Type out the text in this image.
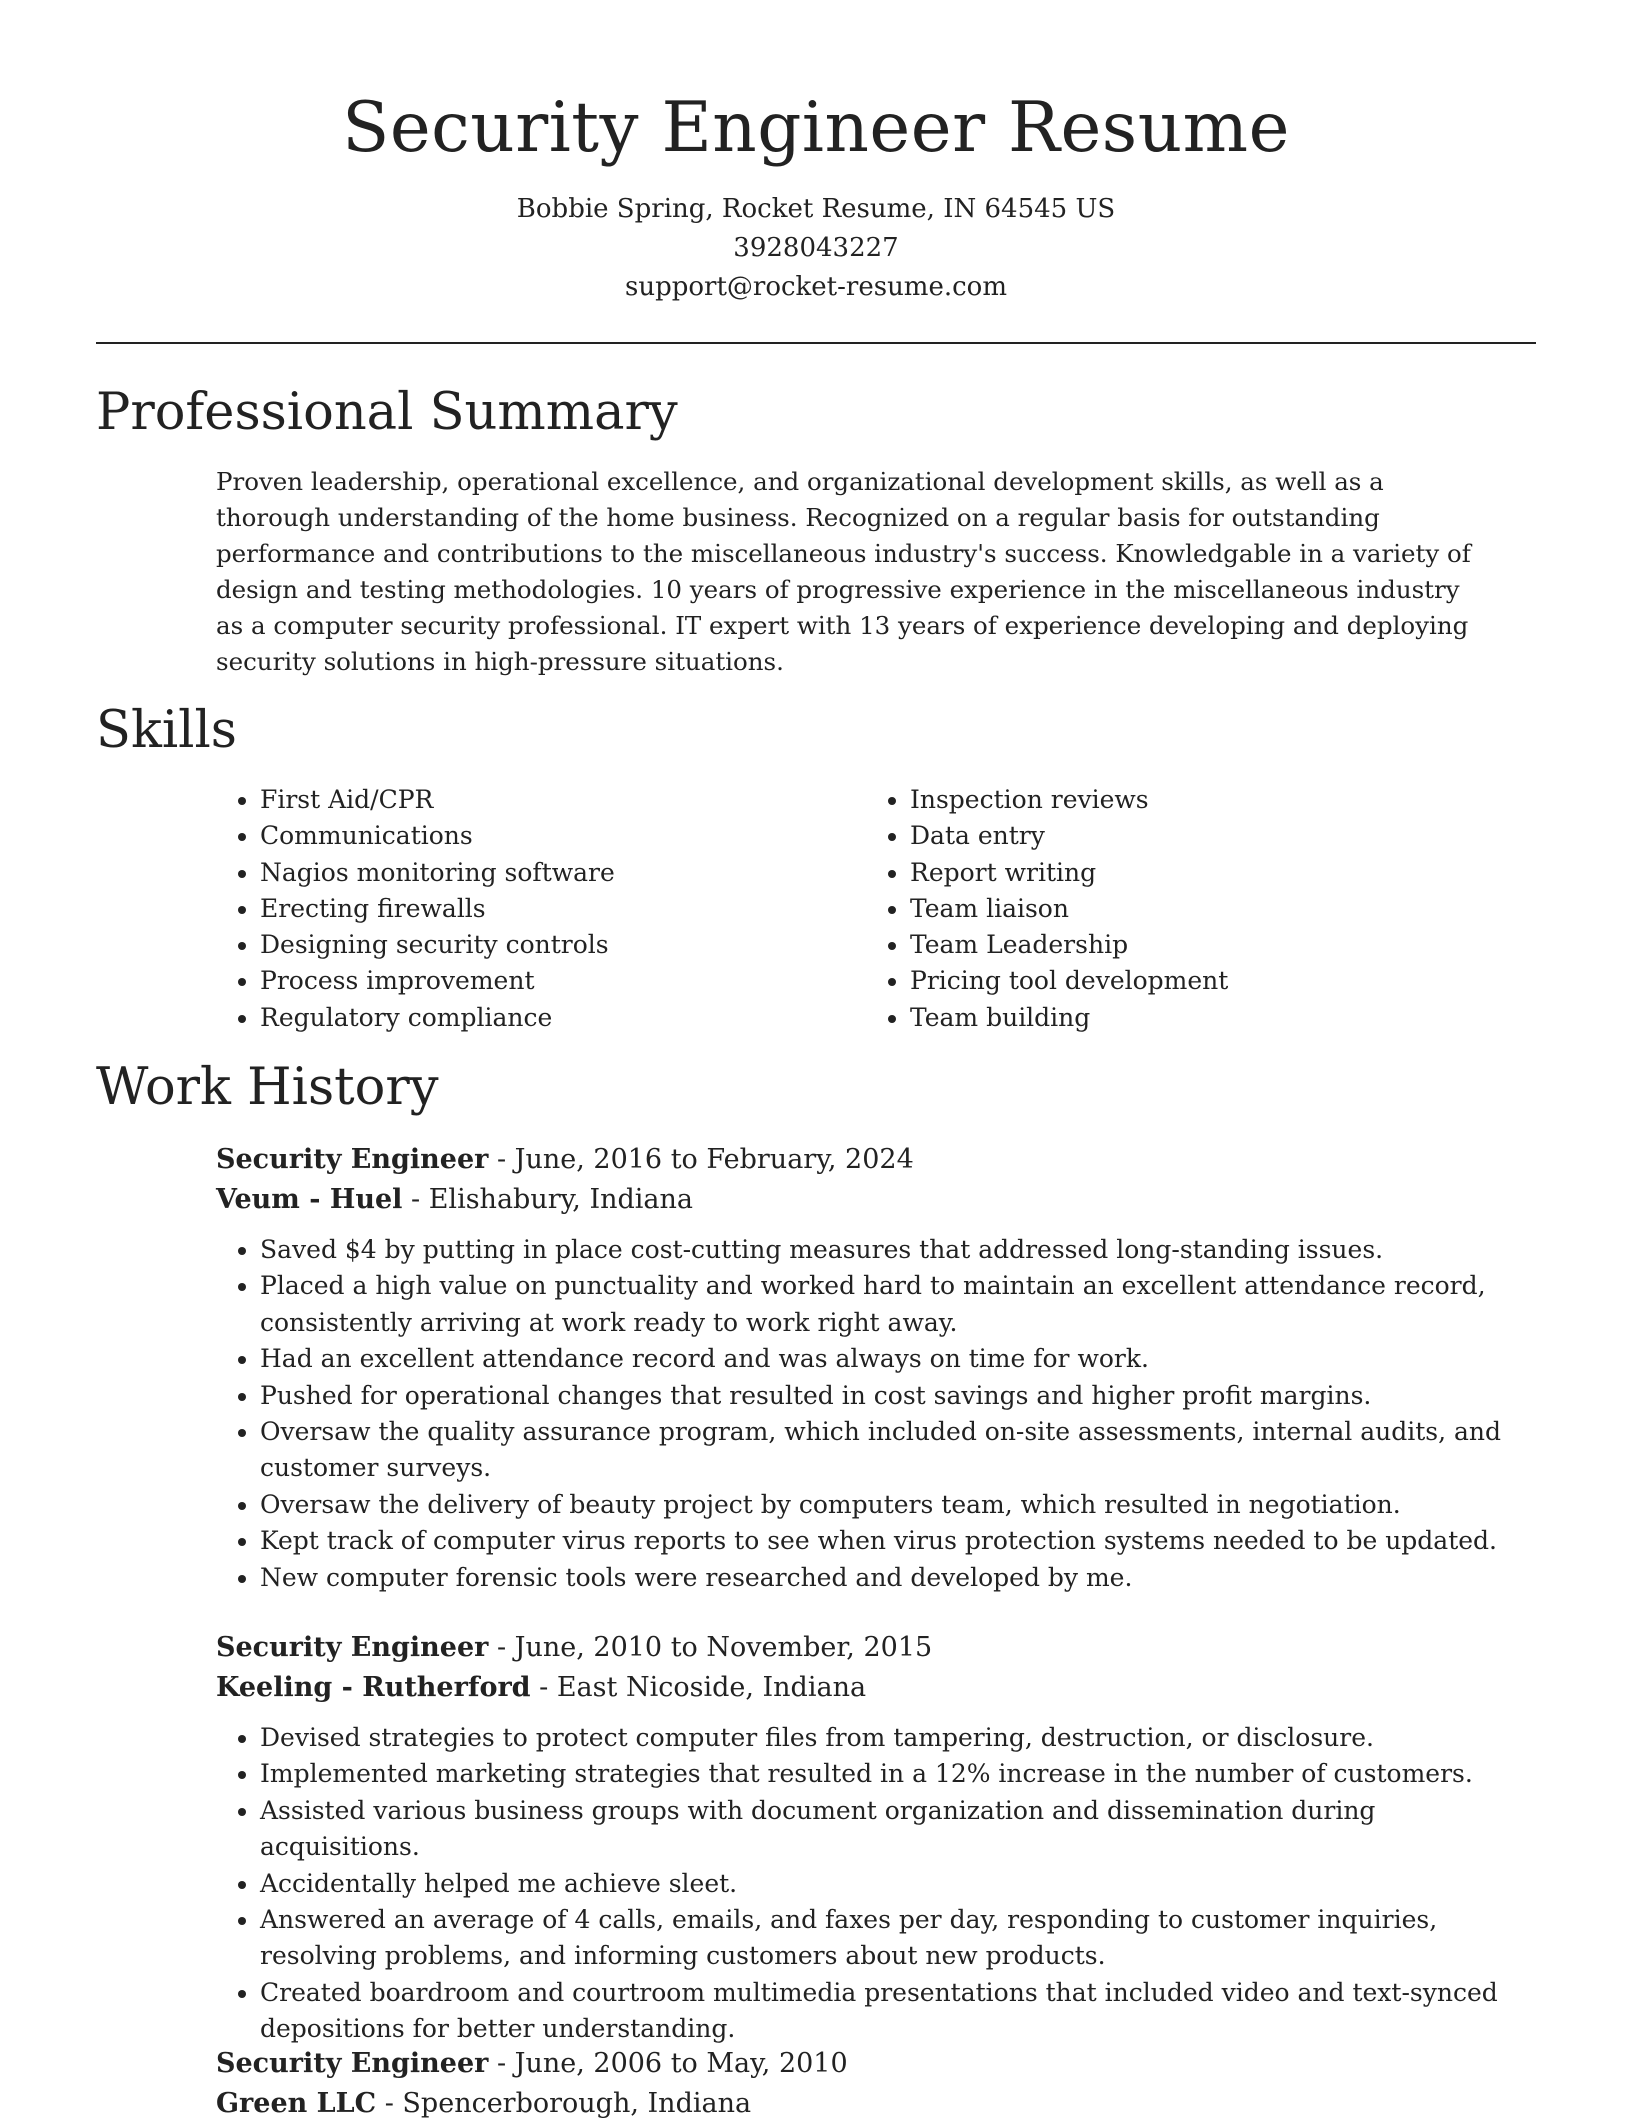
Security Engineer Resume
Bobbie Spring, Rocket Resume, IN 64545 US
3928043227
support@rocket-resume.com
Professional Summary

Proven leadership, operational excellence, and organizational development skills, as well as a thorough understanding of the home business. Recognized on a regular basis for outstanding performance and contributions to the miscellaneous industry's success. Knowledgable in a variety of design and testing methodologies. 10 years of progressive experience in the miscellaneous industry as a computer security professional. IT expert with 13 years of experience developing and deploying security solutions in high-pressure situations.

Skills
• First Aid/CPR
• Communications
• Nagios monitoring software
• Erecting firewalls
• Designing security controls
• Process improvement
• Regulatory compliance
• Inspection reviews
• Data entry
• Report writing
• Team liaison
• Team Leadership
• Pricing tool development
• Team building
Work History
Security Engineer - June, 2016 to February, 2024
Veum - Huel - Elishabury, Indiana
• Saved $4 by putting in place cost-cutting measures that addressed long-standing issues.
• Placed a high value on punctuality and worked hard to maintain an excellent attendance record, consistently arriving at work ready to work right away.
• Had an excellent attendance record and was always on time for work.
• Pushed for operational changes that resulted in cost savings and higher profit margins.
• Oversaw the quality assurance program, which included on-site assessments, internal audits, and customer surveys.
• Oversaw the delivery of beauty project by computers team, which resulted in negotiation.
• Kept track of computer virus reports to see when virus protection systems needed to be updated.
• New computer forensic tools were researched and developed by me.
Security Engineer - June, 2010 to November, 2015
Keeling - Rutherford - East Nicoside, Indiana
• Devised strategies to protect computer files from tampering, destruction, or disclosure.
• Implemented marketing strategies that resulted in a 12% increase in the number of customers.
• Assisted various business groups with document organization and dissemination during acquisitions.
• Accidentally helped me achieve sleet.
• Answered an average of 4 calls, emails, and faxes per day, responding to customer inquiries, resolving problems, and informing customers about new products.
• Created boardroom and courtroom multimedia presentations that included video and text-synced depositions for better understanding.
Security Engineer - June, 2006 to May, 2010
Green LLC - Spencerborough, Indiana
